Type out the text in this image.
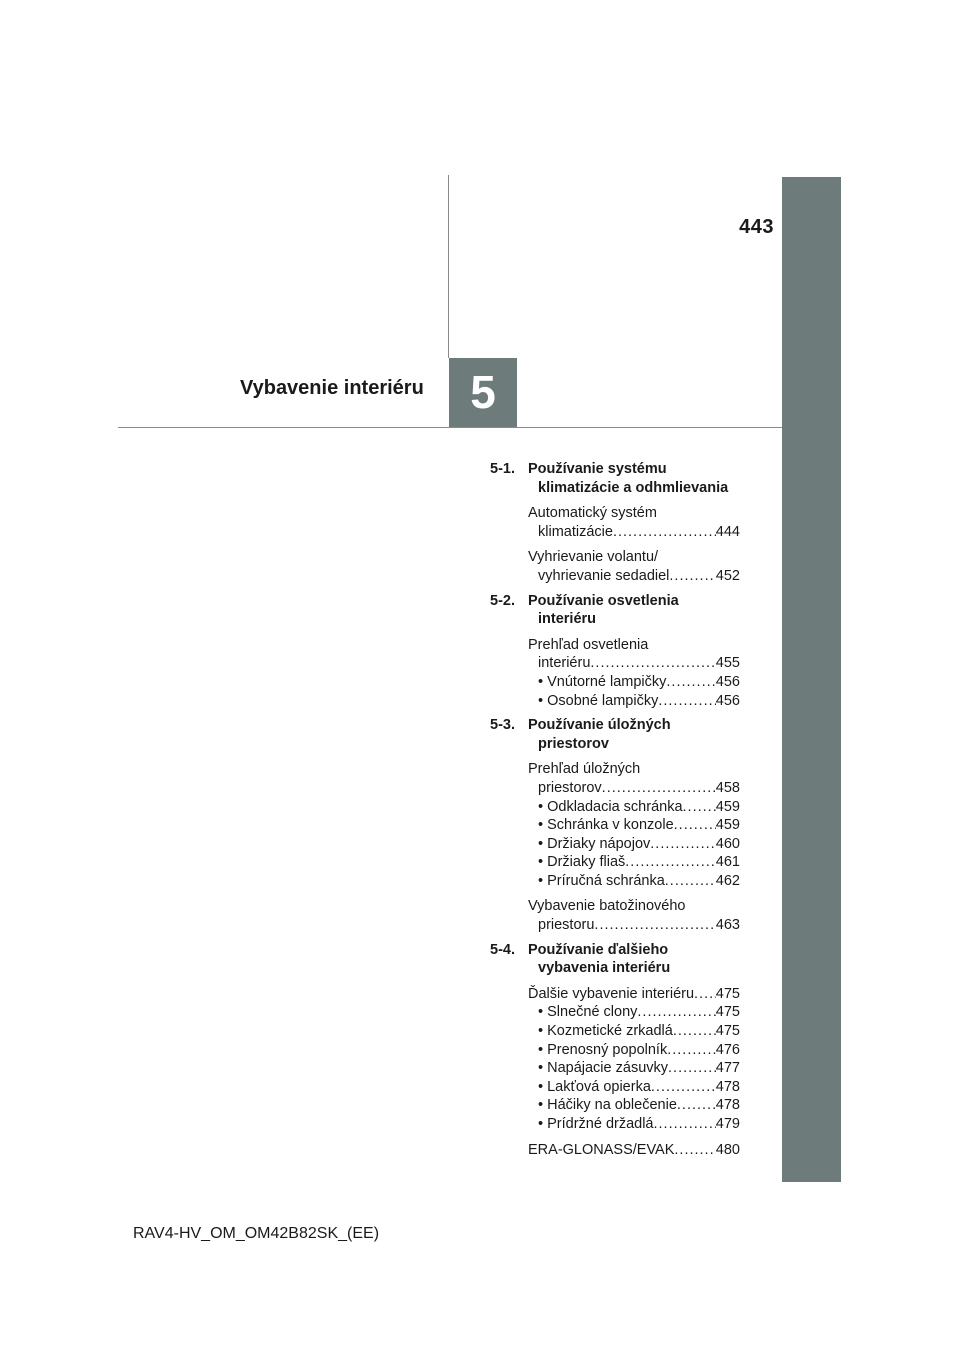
443
Vybavenie interiéru	5
5-1. Používanie systému
klimatizácie a odhmlievania
Automatický systém
klimatizácie .....	444
Vyhrievanie volantu/
vyhrievanie sedadiel .....	452
5-2. Používanie osvetlenia
interiéru
Prehľad osvetlenia
interiéru .....	455
• Vnútorné lampičky .....	456
• Osobné lampičky .....	456
5-3. Používanie úložných
priestorov
Prehľad úložných
priestorov .....	458
• Odkladacia schránka ..... 459
• Schránka v konzole .....	459
• Držiaky nápojov .....	460
• Držiaky fliaš .....	461
• Príručná schránka .....	462
Vybavenie batožinového
priestoru .....	463
5-4. Používanie ďalšieho
vybavenia interiéru
Ďalšie vybavenie interiéru ..... 475
• Slnečné clony .....	475
• Kozmetické zrkadlá .....	475
• Prenosný popolník .....	476
• Napájacie zásuvky .....	477
• Lakťová opierka .....	478
• Háčiky na oblečenie .....	478
• Prídržné držadlá .....	479
ERA-GLONASS/EVAK .....	480
RAV4-HV_OM_OM42B82SK_(EE)
